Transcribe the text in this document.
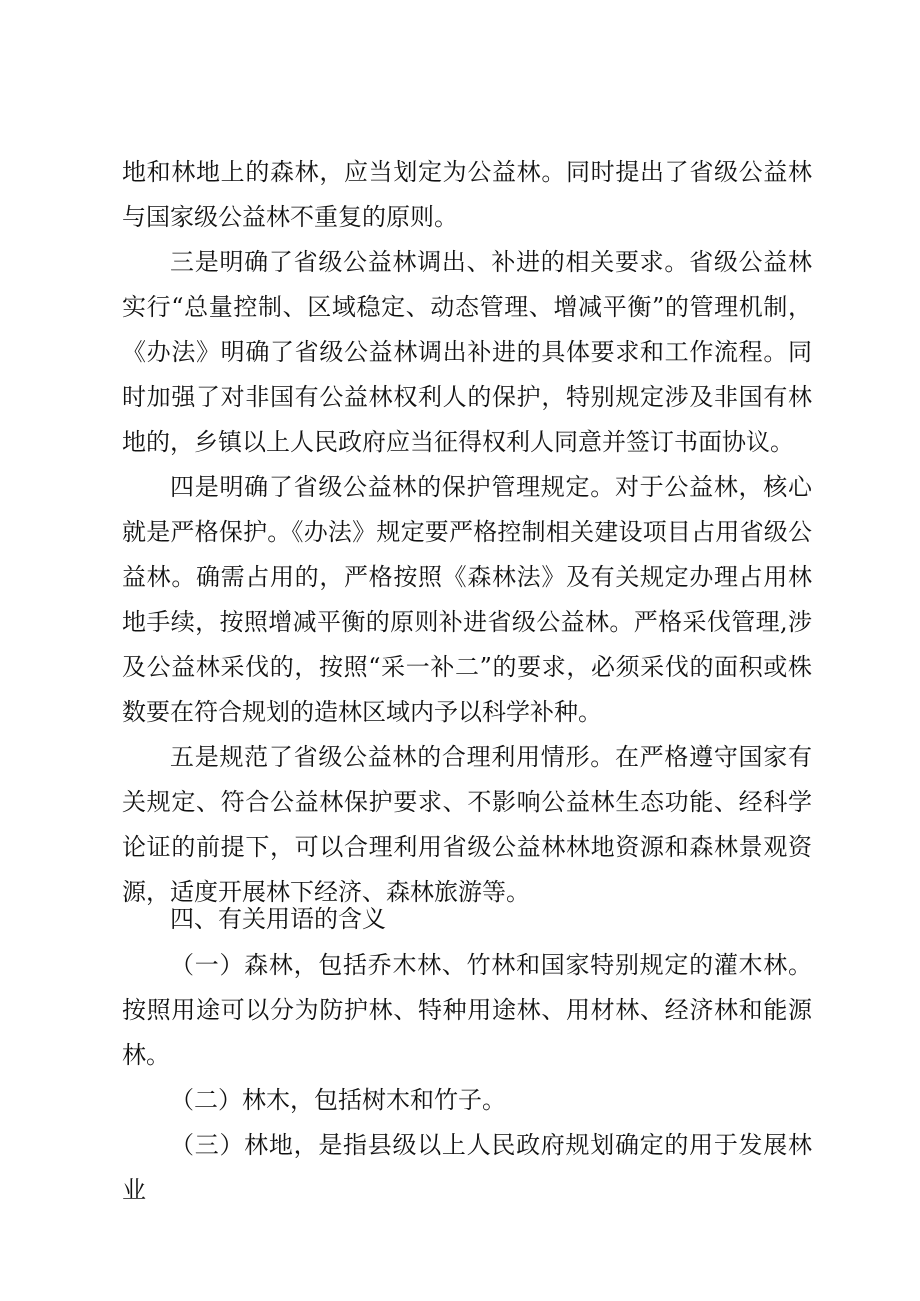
地和林地上的森林，应当划定为公益林。同时提出了省级公益林与国家级公益林不重复的原则。

三是明确了省级公益林调出、补进的相关要求。省级公益林实行“总量控制、区域稳定、动态管理、增减平衡”的管理机制，《办法》明确了省级公益林调出补进的具体要求和工作流程。同时加强了对非国有公益林权利人的保护，特别规定涉及非国有林地的，乡镇以上人民政府应当征得权利人同意并签订书面协议。

四是明确了省级公益林的保护管理规定。对于公益林，核心就是严格保护。《办法》规定要严格控制相关建设项目占用省级公益林。确需占用的，严格按照《森林法》及有关规定办理占用林地手续，按照增减平衡的原则补进省级公益林。严格采伐管理,涉及公益林采伐的，按照“采一补二”的要求，必须采伐的面积或株数要在符合规划的造林区域内予以科学补种。

五是规范了省级公益林的合理利用情形。在严格遵守国家有关规定、符合公益林保护要求、不影响公益林生态功能、经科学论证的前提下，可以合理利用省级公益林林地资源和森林景观资源，适度开展林下经济、森林旅游等。

四、有关用语的含义

（一）森林，包括乔木林、竹林和国家特别规定的灌木林。按照用途可以分为防护林、特种用途林、用材林、经济林和能源林。

（二）林木，包括树木和竹子。

（三）林地，是指县级以上人民政府规划确定的用于发展林业
